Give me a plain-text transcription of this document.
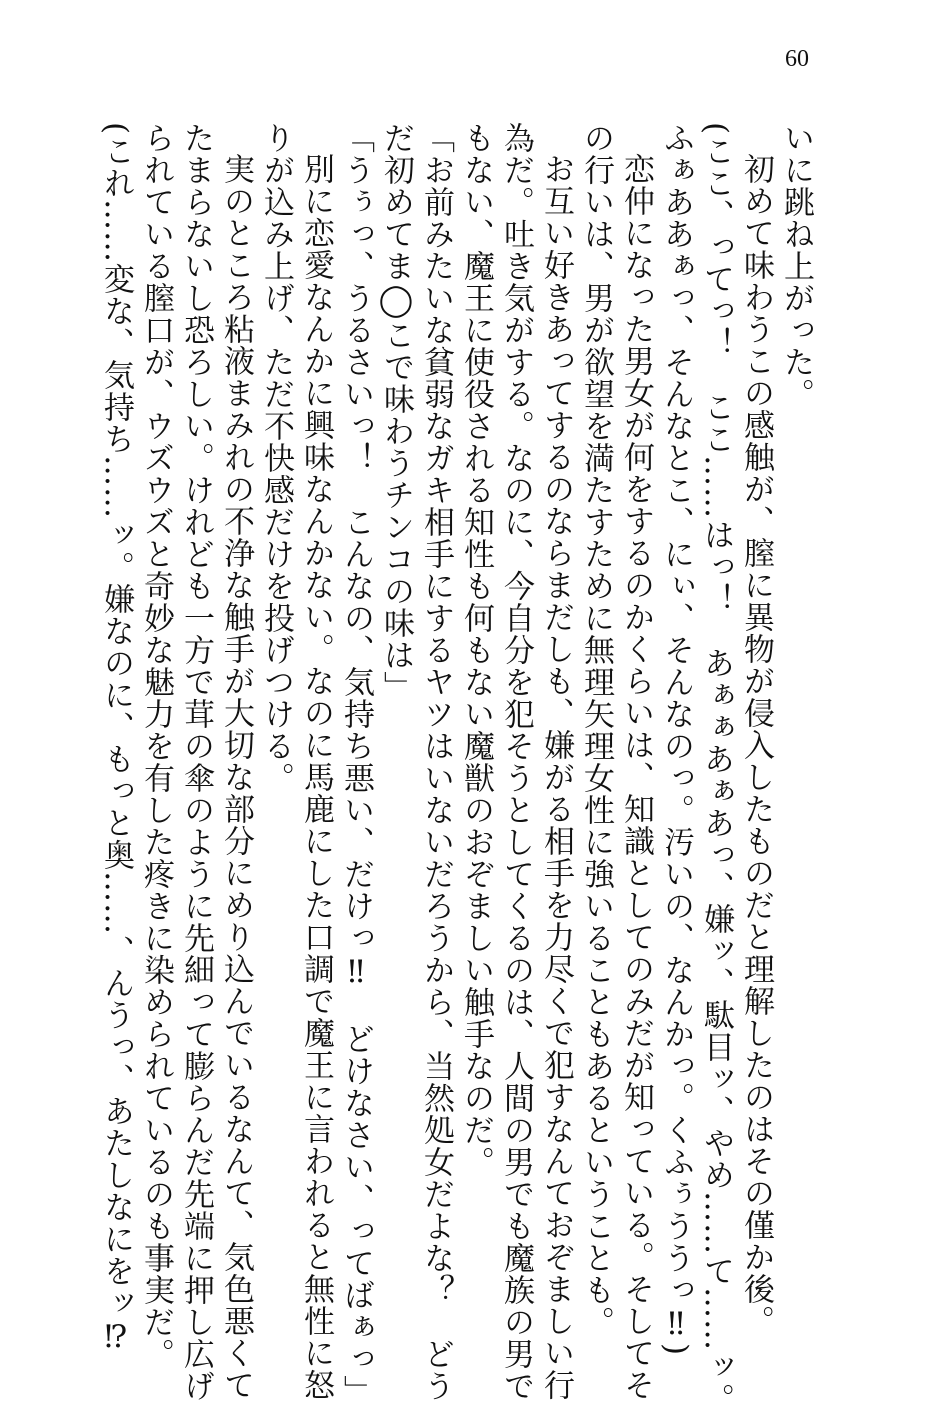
60
いに跳ね上がった。
初めて味わうこの感触が、膣に異物が侵入したものだと理解したのはその僅か後。
(ここ、ってっ！　ここ……はっ！　あぁぁあぁあっ、嫌ッ、駄目ッ、やめ……て……ッ。
ふぁああぁっ、そんなとこ、にぃ、そんなのっ。汚いの、なんかっ。くふぅううっ‼)
恋仲になった男女が何をするのかくらいは、知識としてのみだが知っている。そしてそ
の行いは、男が欲望を満たすために無理矢理女性に強いることもあるということも。
お互い好きあってするのならまだしも、嫌がる相手を力尽くで犯すなんておぞましい行
為だ。吐き気がする。なのに、今自分を犯そうとしてくるのは、人間の男でも魔族の男で
もない、魔王に使役される知性も何もない魔獣のおぞましい触手なのだ。
「お前みたいな貧弱なガキ相手にするヤツはいないだろうから、当然処女だよな？　どう
だ初めてま◯こで味わうチンコの味は」
「うぅっ、うるさいっ！　こんなの、気持ち悪い、だけっ‼　どけなさい、ってばぁっ」
別に恋愛なんかに興味なんかない。なのに馬鹿にした口調で魔王に言われると無性に怒
りが込み上げ、ただ不快感だけを投げつける。
実のところ粘液まみれの不浄な触手が大切な部分にめり込んでいるなんて、気色悪くて
たまらないし恐ろしい。けれども一方で茸の傘のように先細って膨らんだ先端に押し広げ
られている膣口が、ウズウズと奇妙な魅力を有した疼きに染められているのも事実だ。
(これ……変な、気持ち……ッ。嫌なのに、もっと奥……、んうっ、あたしなにをッ⁉
